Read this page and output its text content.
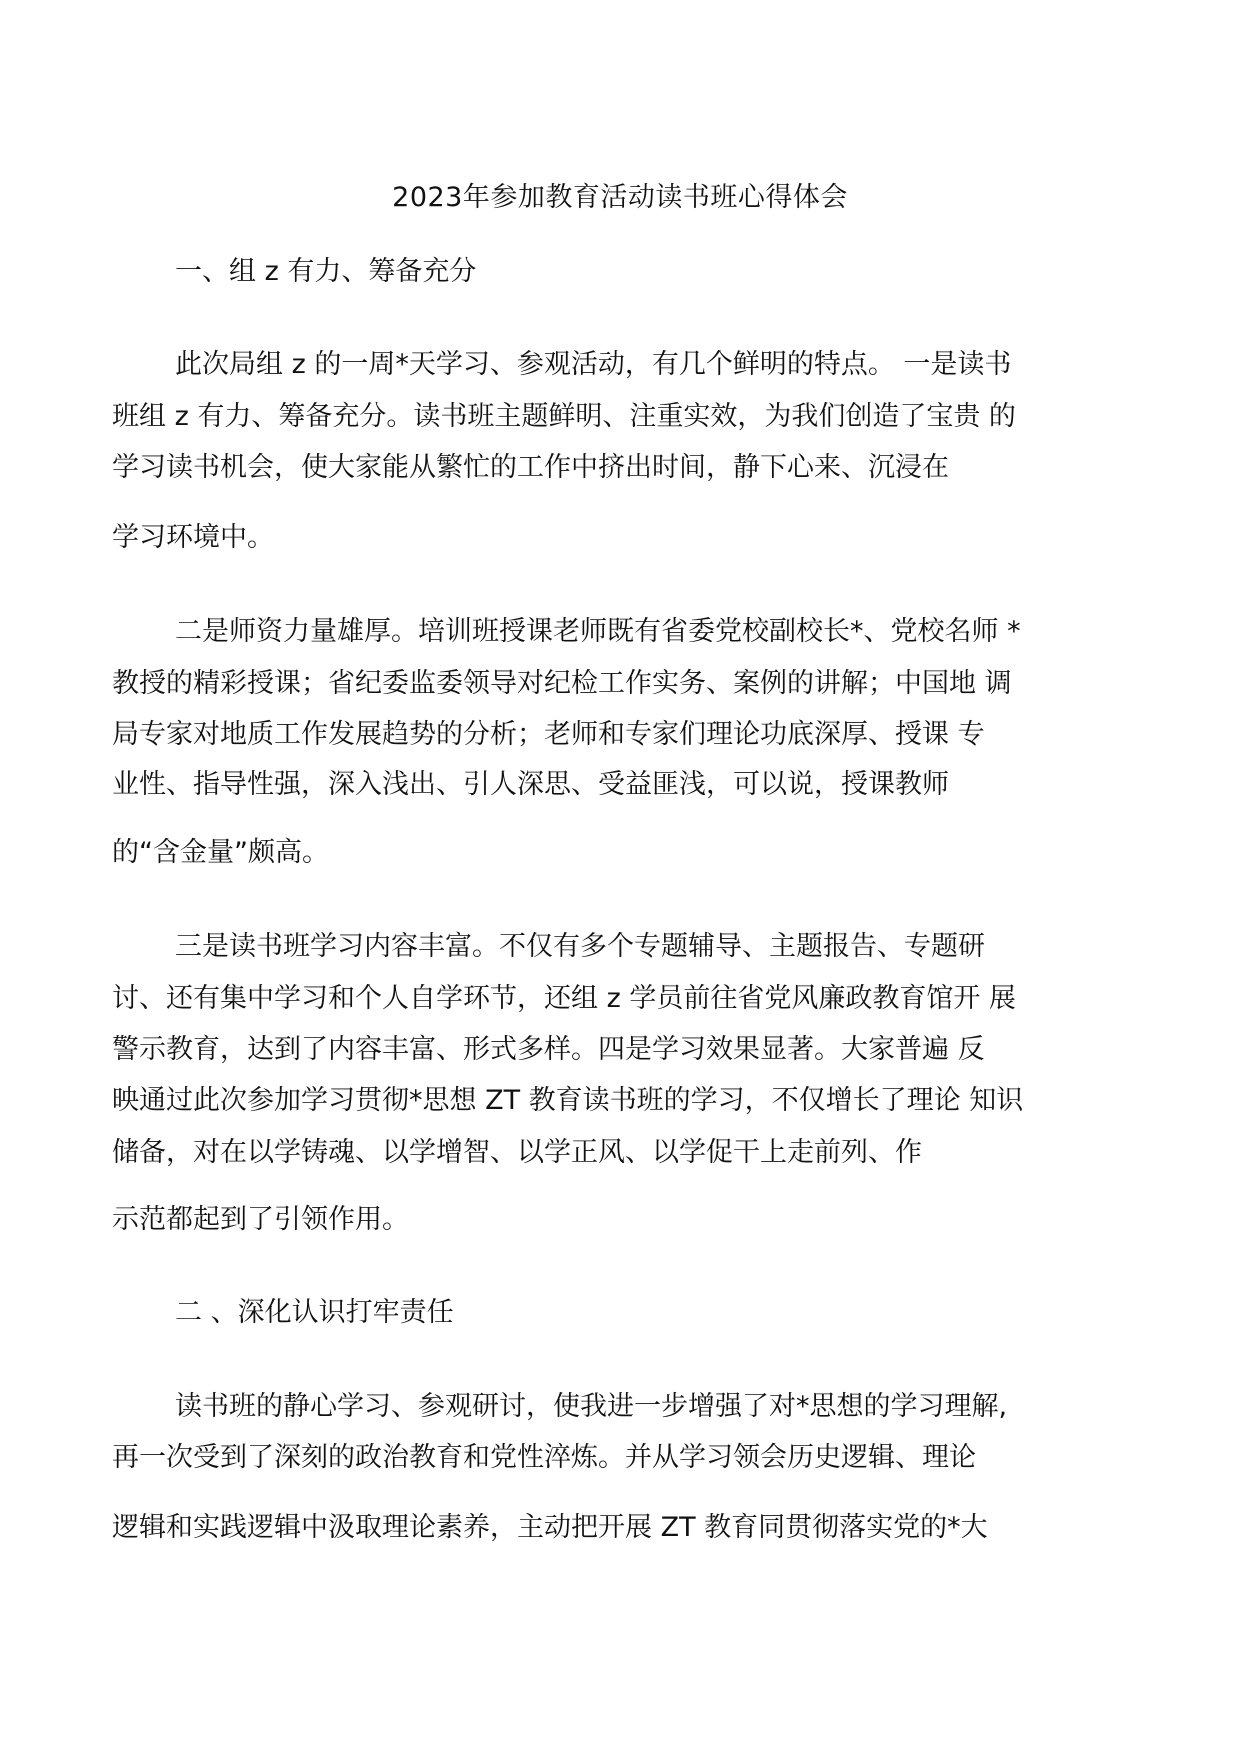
2023年参加教育活动读书班心得体会
一、组 z 有力、筹备充分
此次局组 z 的一周*天学习、参观活动，有几个鲜明的特点。 一是读书
班组 z 有力、筹备充分。读书班主题鲜明、注重实效，为我们创造了宝贵 的
学习读书机会，使大家能从繁忙的工作中挤出时间，静下心来、沉浸在
学习环境中。
二是师资力量雄厚。培训班授课老师既有省委党校副校长*、党校名师 *
教授的精彩授课；省纪委监委领导对纪检工作实务、案例的讲解；中国地 调
局专家对地质工作发展趋势的分析；老师和专家们理论功底深厚、授课 专
业性、指导性强，深入浅出、引人深思、受益匪浅，可以说，授课教师
的“含金量”颇高。
三是读书班学习内容丰富。不仅有多个专题辅导、主题报告、专题研
讨、还有集中学习和个人自学环节，还组 z 学员前往省党风廉政教育馆开 展
警示教育，达到了内容丰富、形式多样。四是学习效果显著。大家普遍 反
映通过此次参加学习贯彻*思想 ZT 教育读书班的学习，不仅增长了理论 知识
储备，对在以学铸魂、以学增智、以学正风、以学促干上走前列、作
示范都起到了引领作用。
二 、深化认识打牢责任
读书班的静心学习、参观研讨，使我进一步增强了对*思想的学习理解,
再一次受到了深刻的政治教育和党性淬炼。并从学习领会历史逻辑、理论
逻辑和实践逻辑中汲取理论素养，主动把开展 ZT 教育同贯彻落实党的*大
